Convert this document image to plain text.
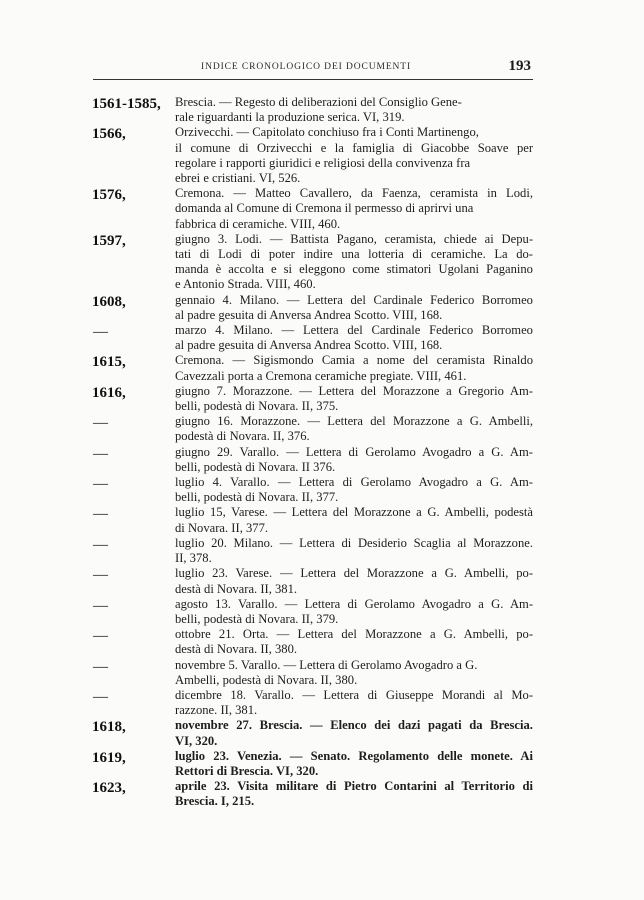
INDICE CRONOLOGICO DEI DOCUMENTI	193
1561-1585,	Brescia. — Regesto di deliberazioni del Consiglio Gene-
rale riguardanti la produzione serica. VI, 319.
1566,	Orzivecchi. — Capitolato conchiuso fra i Conti Martinengo,
il comune di Orzivecchi e la famiglia di Giacobbe Soave per
regolare i rapporti giuridici e religiosi della convivenza fra
ebrei e cristiani. VI, 526.
1576,	Cremona. — Matteo Cavallero, da Faenza, ceramista in Lodi,
domanda al Comune di Cremona il permesso di aprirvi una
fabbrica di ceramiche. VIII, 460.
1597,	giugno 3. Lodi. — Battista Pagano, ceramista, chiede ai Depu-
tati di Lodi di poter indire una lotteria di ceramiche. La do-
manda è accolta e si eleggono come stimatori Ugolani Paganino
e Antonio Strada. VIII, 460.
1608,	gennaio 4. Milano. — Lettera del Cardinale Federico Borromeo
al padre gesuita di Anversa Andrea Scotto. VIII, 168.
—	marzo 4. Milano. — Lettera del Cardinale Federico Borromeo
al padre gesuita di Anversa Andrea Scotto. VIII, 168.
1615,	Cremona. — Sigismondo Camia a nome del ceramista Rinaldo
Cavezzali porta a Cremona ceramiche pregiate. VIII, 461.
1616,	giugno 7. Morazzone. — Lettera del Morazzone a Gregorio Am-
belli, podestà di Novara. II, 375.
—	giugno 16. Morazzone. — Lettera del Morazzone a G. Ambelli,
podestà di Novara. II, 376.
—	giugno 29. Varallo. — Lettera di Gerolamo Avogadro a G. Am-
belli, podestà di Novara. II 376.
—	luglio 4. Varallo. — Lettera di Gerolamo Avogadro a G. Am-
belli, podestà di Novara. II, 377.
—	luglio 15, Varese. — Lettera del Morazzone a G. Ambelli, podestà
di Novara. II, 377.
—	luglio 20. Milano. — Lettera di Desiderio Scaglia al Morazzone.
II, 378.
—	luglio 23. Varese. — Lettera del Morazzone a G. Ambelli, po-
destà di Novara. II, 381.
—	agosto 13. Varallo. — Lettera di Gerolamo Avogadro a G. Am-
belli, podestà di Novara. II, 379.
—	ottobre 21. Orta. — Lettera del Morazzone a G. Ambelli, po-
destà di Novara. II, 380.
—	novembre 5. Varallo. — Lettera di Gerolamo Avogadro a G.
Ambelli, podestà di Novara. II, 380.
—	dicembre 18. Varallo. — Lettera di Giuseppe Morandi al Mo-
razzone. II, 381.
1618,	novembre 27. Brescia. — Elenco dei dazi pagati da Brescia.
VI, 320.
1619,	luglio 23. Venezia. — Senato. Regolamento delle monete. Ai
Rettori di Brescia. VI, 320.
1623,	aprile 23. Visita militare di Pietro Contarini al Territorio di
Brescia. I, 215.
